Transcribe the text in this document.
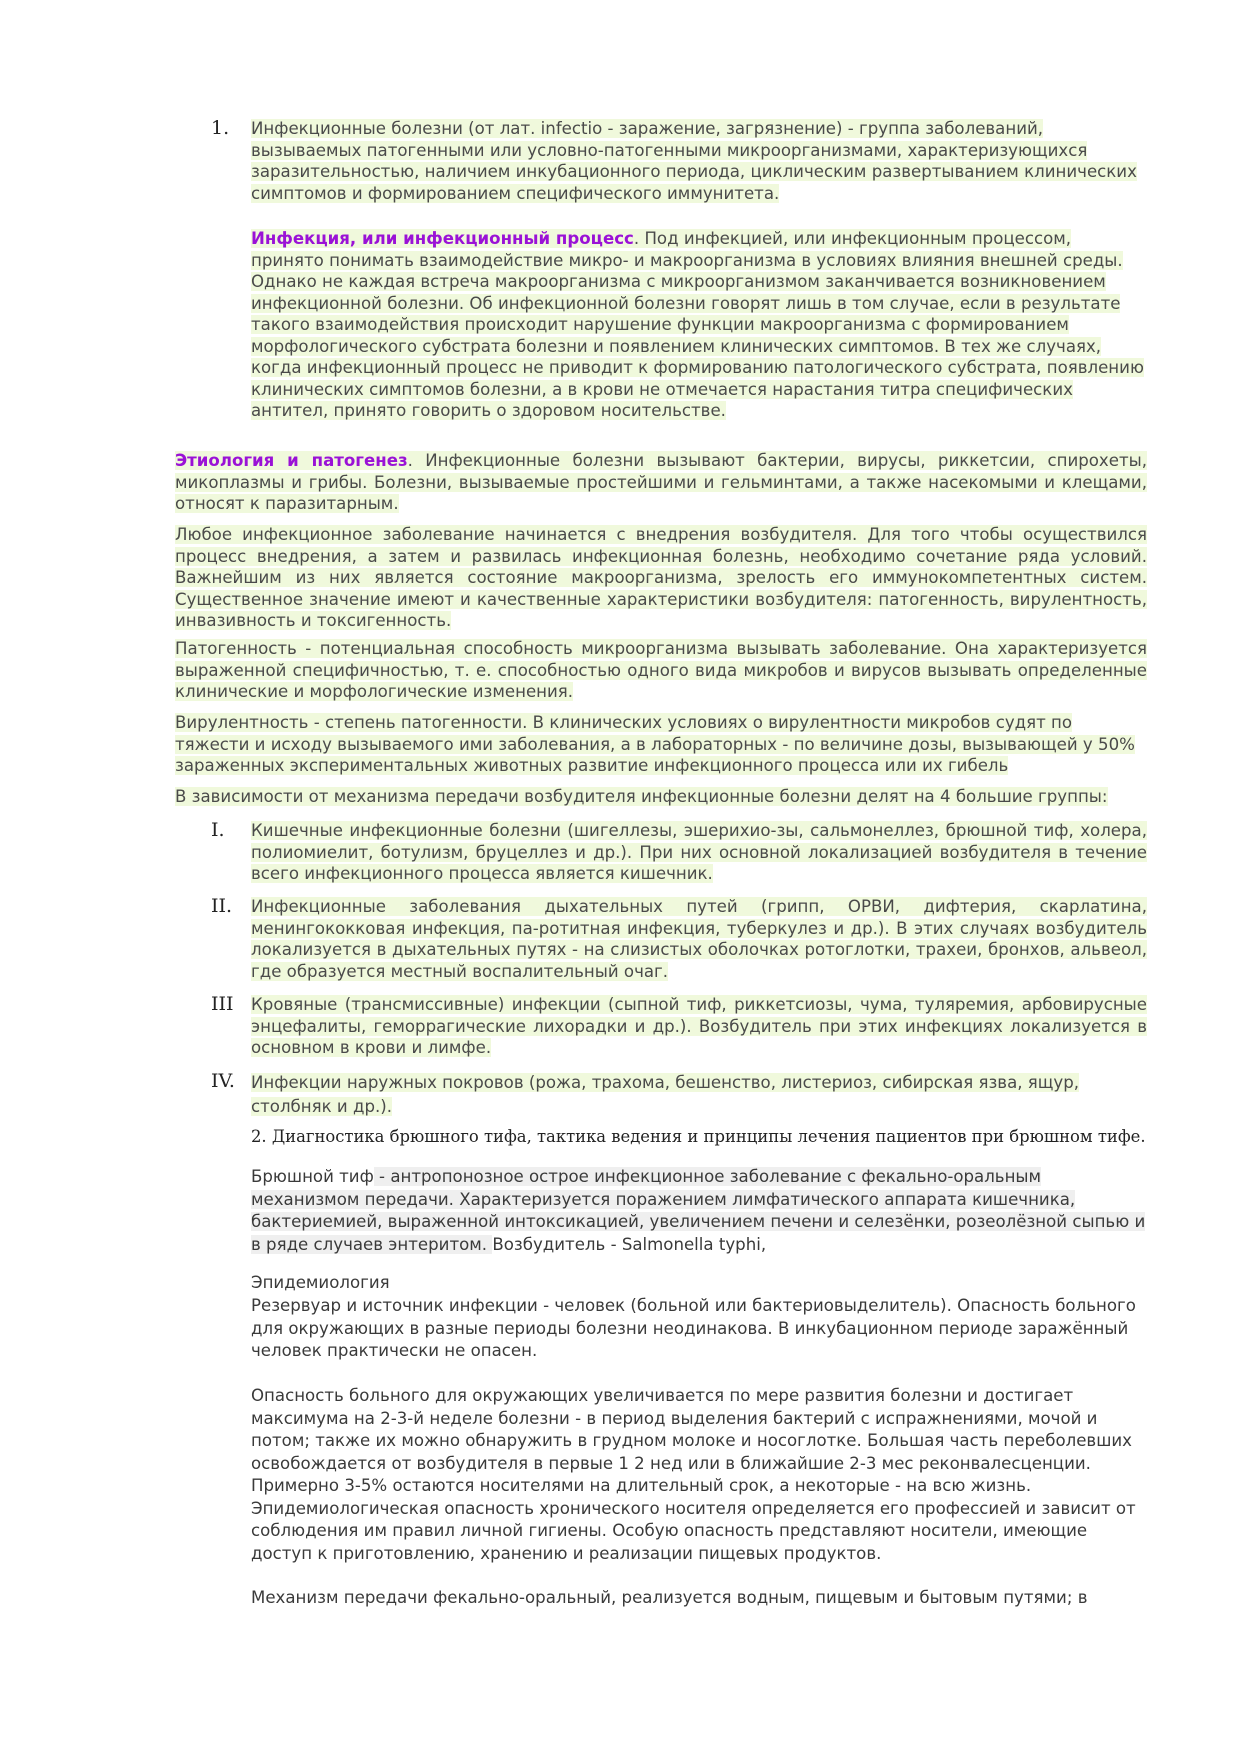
1. Инфекционные болезни (от лат. infectio - заражение, загрязнение) - группа заболеваний, вызываемых патогенными или условно-патогенными микроорганизмами, характеризующихся заразительностью, наличием инкубационного периода, циклическим развертыванием клинических симптомов и формированием специфического иммунитета.
Инфекция, или инфекционный процесс. Под инфекцией, или инфекционным процессом, принято понимать взаимодействие микро- и макроорганизма в условиях влияния внешней среды. Однако не каждая встреча макроорганизма с микроорганизмом заканчивается возникновением инфекционной болезни. Об инфекционной болезни говорят лишь в том случае, если в результате такого взаимодействия происходит нарушение функции макроорганизма с формированием морфологического субстрата болезни и появлением клинических симптомов. В тех же случаях, когда инфекционный процесс не приводит к формированию патологического субстрата, появлению клинических симптомов болезни, а в крови не отмечается нарастания титра специфических антител, принято говорить о здоровом носительстве.
Этиология и патогенез. Инфекционные болезни вызывают бактерии, вирусы, риккетсии, спирохеты, микоплазмы и грибы. Болезни, вызываемые простейшими и гельминтами, а также насекомыми и клещами, относят к паразитарным.
Любое инфекционное заболевание начинается с внедрения возбудителя. Для того чтобы осуществился процесс внедрения, а затем и развилась инфекционная болезнь, необходимо сочетание ряда условий. Важнейшим из них является состояние макроорганизма, зрелость его иммунокомпетентных систем. Существенное значение имеют и качественные характеристики возбудителя: патогенность, вирулентность, инвазивность и токсигенность.
Патогенность - потенциальная способность микроорганизма вызывать заболевание. Она характеризуется выраженной специфичностью, т. е. способностью одного вида микробов и вирусов вызывать определенные клинические и морфологические изменения.
Вирулентность - степень патогенности. В клинических условиях о вирулентности микробов судят по тяжести и исходу вызываемого ими заболевания, а в лабораторных - по величине дозы, вызывающей у 50% зараженных экспериментальных животных развитие инфекционного процесса или их гибель
В зависимости от механизма передачи возбудителя инфекционные болезни делят на 4 большие группы:
I. Кишечные инфекционные болезни (шигеллезы, эшерихио-зы, сальмонеллез, брюшной тиф, холера, полиомиелит, ботулизм, бруцеллез и др.). При них основной локализацией возбудителя в течение всего инфекционного процесса является кишечник.
II. Инфекционные заболевания дыхательных путей (грипп, ОРВИ, дифтерия, скарлатина, менингококковая инфекция, па-ротитная инфекция, туберкулез и др.). В этих случаях возбудитель локализуется в дыхательных путях - на слизистых оболочках ротоглотки, трахеи, бронхов, альвеол, где образуется местный воспалительный очаг.
III Кровяные (трансмиссивные) инфекции (сыпной тиф, риккетсиозы, чума, туляремия, арбовирусные энцефалиты, геморрагические лихорадки и др.). Возбудитель при этих инфекциях локализуется в основном в крови и лимфе.
IV. Инфекции наружных покровов (рожа, трахома, бешенство, листериоз, сибирская язва, ящур, столбняк и др.).
2. Диагностика брюшного тифа, тактика ведения и принципы лечения пациентов при брюшном тифе.
Брюшной тиф - антропонозное острое инфекционное заболевание с фекально-оральным механизмом передачи. Характеризуется поражением лимфатического аппарата кишечника, бактериемией, выраженной интоксикацией, увеличением печени и селезёнки, розеолёзной сыпью и в ряде случаев энтеритом. Возбудитель - Salmonella typhi,
Эпидемиология
Резервуар и источник инфекции - человек (больной или бактериовыделитель). Опасность больного для окружающих в разные периоды болезни неодинакова. В инкубационном периоде заражённый человек практически не опасен.
Опасность больного для окружающих увеличивается по мере развития болезни и достигает максимума на 2-3-й неделе болезни - в период выделения бактерий с испражнениями, мочой и потом; также их можно обнаружить в грудном молоке и носоглотке. Большая часть переболевших освобождается от возбудителя в первые 1 2 нед или в ближайшие 2-3 мес реконвалесценции. Примерно 3-5% остаются носителями на длительный срок, а некоторые - на всю жизнь. Эпидемиологическая опасность хронического носителя определяется его профессией и зависит от соблюдения им правил личной гигиены. Особую опасность представляют носители, имеющие доступ к приготовлению, хранению и реализации пищевых продуктов.
Механизм передачи фекально-оральный, реализуется водным, пищевым и бытовым путями; в
